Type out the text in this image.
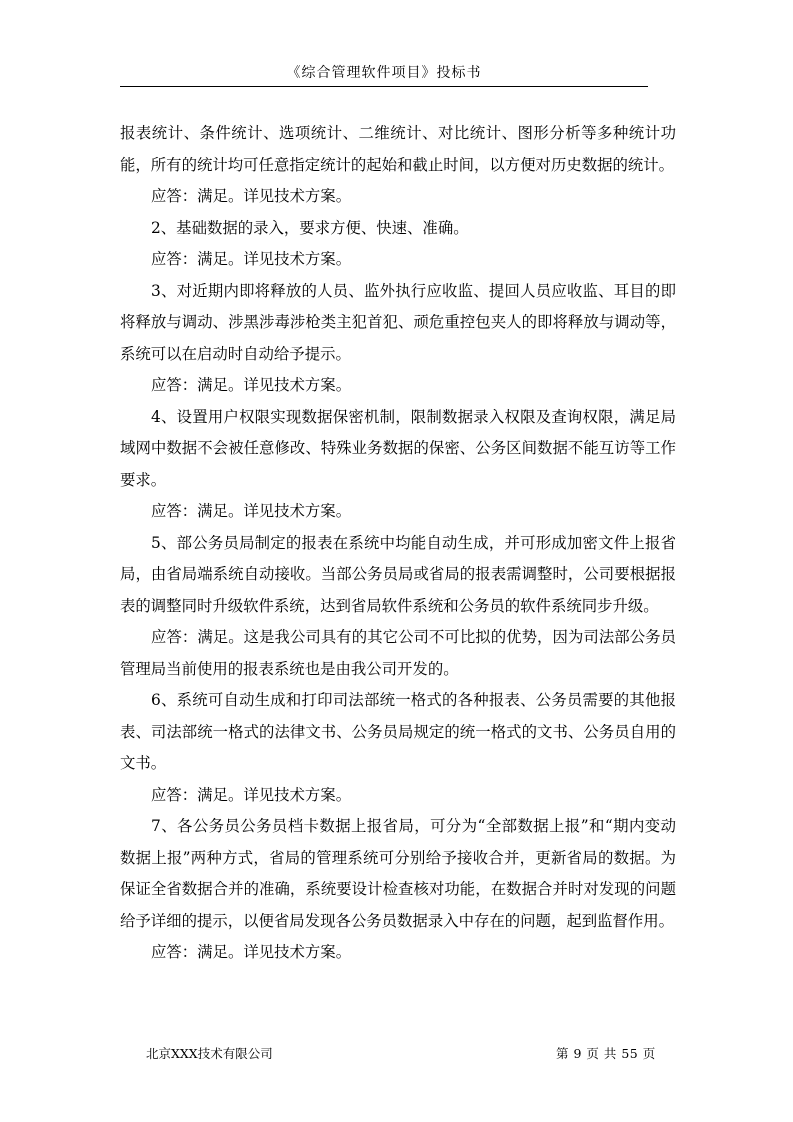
《综合管理软件项目》投标书

报表统计、条件统计、选项统计、二维统计、对比统计、图形分析等多种统计功能，所有的统计均可任意指定统计的起始和截止时间，以方便对历史数据的统计。

应答：满足。详见技术方案。

2、基础数据的录入，要求方便、快速、准确。

应答：满足。详见技术方案。

3、对近期内即将释放的人员、监外执行应收监、提回人员应收监、耳目的即将释放与调动、涉黑涉毒涉枪类主犯首犯、顽危重控包夹人的即将释放与调动等，系统可以在启动时自动给予提示。

应答：满足。详见技术方案。

4、设置用户权限实现数据保密机制，限制数据录入权限及查询权限，满足局域网中数据不会被任意修改、特殊业务数据的保密、公务区间数据不能互访等工作要求。

应答：满足。详见技术方案。

5、部公务员局制定的报表在系统中均能自动生成，并可形成加密文件上报省局，由省局端系统自动接收。当部公务员局或省局的报表需调整时，公司要根据报表的调整同时升级软件系统，达到省局软件系统和公务员的软件系统同步升级。

应答：满足。这是我公司具有的其它公司不可比拟的优势，因为司法部公务员管理局当前使用的报表系统也是由我公司开发的。

6、系统可自动生成和打印司法部统一格式的各种报表、公务员需要的其他报表、司法部统一格式的法律文书、公务员局规定的统一格式的文书、公务员自用的文书。

应答：满足。详见技术方案。

7、各公务员公务员档卡数据上报省局，可分为“全部数据上报”和“期内变动数据上报”两种方式，省局的管理系统可分别给予接收合并，更新省局的数据。为保证全省数据合并的准确，系统要设计检查核对功能，在数据合并时对发现的问题给予详细的提示，以便省局发现各公务员数据录入中存在的问题，起到监督作用。

应答：满足。详见技术方案。

北京XXX技术有限公司	第 9 页 共 55 页
